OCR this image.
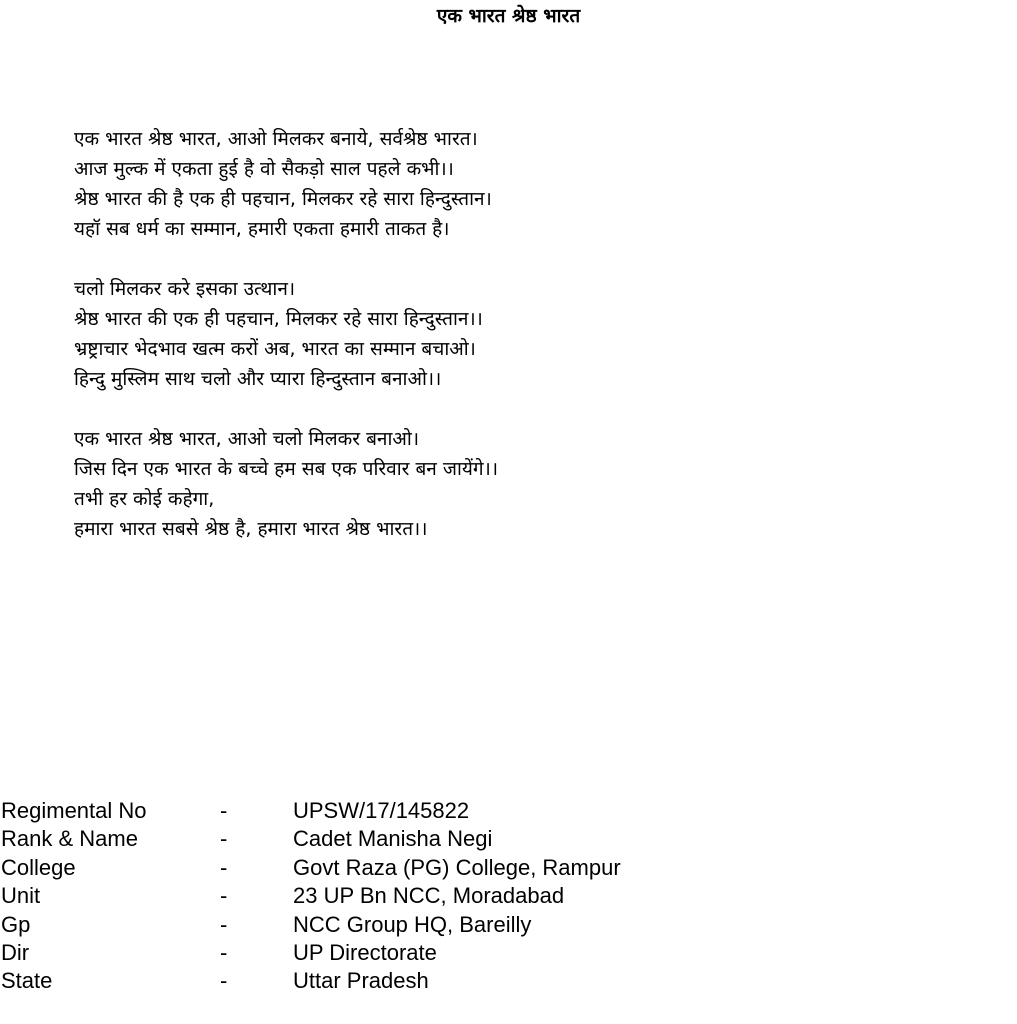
एक भारत श्रेष्ठ भारत
एक भारत श्रेष्ठ भारत, आओ मिलकर बनाये, सर्वश्रेष्ठ भारत।
आज मुल्क में एकता हुई है वो सैकड़ो साल पहले कभी।।
श्रेष्ठ भारत की है एक ही पहचान, मिलकर रहे सारा हिन्दुस्तान।
यहॉ सब धर्म का सम्मान, हमारी एकता हमारी ताकत है।
चलो मिलकर करे इसका उत्थान।
श्रेष्ठ भारत की एक ही पहचान, मिलकर रहे सारा हिन्दुस्तान।।
भ्रष्ट्राचार भेदभाव खत्म करों अब, भारत का सम्मान बचाओ।
हिन्दु मुस्लिम साथ चलो और प्यारा हिन्दुस्तान बनाओ।।
एक भारत श्रेष्ठ भारत, आओ चलो मिलकर बनाओ।
जिस दिन एक भारत के बच्चे हम सब एक परिवार बन जायेंगे।।
तभी हर कोई कहेगा,
हमारा भारत सबसे श्रेष्ठ है, हमारा भारत श्रेष्ठ भारत।।
Regimental No	-	UPSW/17/145822
Rank & Name	-	Cadet Manisha Negi
College	-	Govt Raza (PG) College, Rampur
Unit	-	23 UP Bn NCC, Moradabad
Gp	-	NCC Group HQ, Bareilly
Dir	-	UP Directorate
State	-	Uttar Pradesh
